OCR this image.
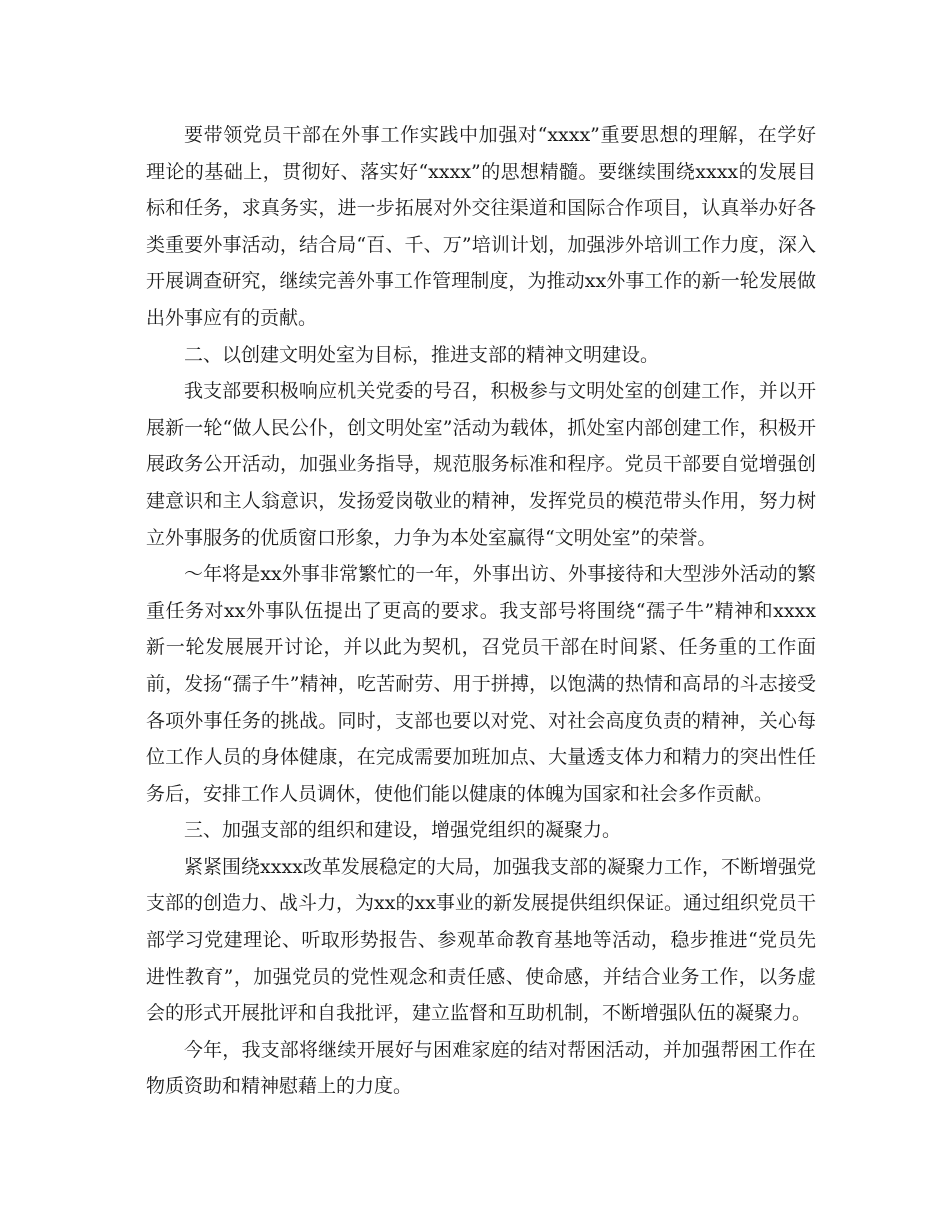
要带领党员干部在外事工作实践中加强对“xxxx”重要思想的理解，在学好理论的基础上，贯彻好、落实好“xxxx”的思想精髓。要继续围绕xxxx的发展目标和任务，求真务实，进一步拓展对外交往渠道和国际合作项目，认真举办好各类重要外事活动，结合局“百、千、万”培训计划，加强涉外培训工作力度，深入开展调查研究，继续完善外事工作管理制度，为推动xx外事工作的新一轮发展做出外事应有的贡献。

二、以创建文明处室为目标，推进支部的精神文明建设。

我支部要积极响应机关党委的号召，积极参与文明处室的创建工作，并以开展新一轮“做人民公仆，创文明处室”活动为载体，抓处室内部创建工作，积极开展政务公开活动，加强业务指导，规范服务标准和程序。党员干部要自觉增强创建意识和主人翁意识，发扬爱岗敬业的精神，发挥党员的模范带头作用，努力树立外事服务的优质窗口形象，力争为本处室赢得“文明处室”的荣誉。

～年将是xx外事非常繁忙的一年，外事出访、外事接待和大型涉外活动的繁重任务对xx外事队伍提出了更高的要求。我支部号将围绕“孺子牛”精神和xxxx新一轮发展展开讨论，并以此为契机，召党员干部在时间紧、任务重的工作面前，发扬“孺子牛”精神，吃苦耐劳、用于拼搏，以饱满的热情和高昂的斗志接受各项外事任务的挑战。同时，支部也要以对党、对社会高度负责的精神，关心每位工作人员的身体健康，在完成需要加班加点、大量透支体力和精力的突出性任务后，安排工作人员调休，使他们能以健康的体魄为国家和社会多作贡献。

三、加强支部的组织和建设，增强党组织的凝聚力。

紧紧围绕xxxx改革发展稳定的大局，加强我支部的凝聚力工作，不断增强党支部的创造力、战斗力，为xx的xx事业的新发展提供组织保证。通过组织党员干部学习党建理论、听取形势报告、参观革命教育基地等活动，稳步推进“党员先进性教育”，加强党员的党性观念和责任感、使命感，并结合业务工作，以务虚会的形式开展批评和自我批评，建立监督和互助机制，不断增强队伍的凝聚力。

今年，我支部将继续开展好与困难家庭的结对帮困活动，并加强帮困工作在物质资助和精神慰藉上的力度。
